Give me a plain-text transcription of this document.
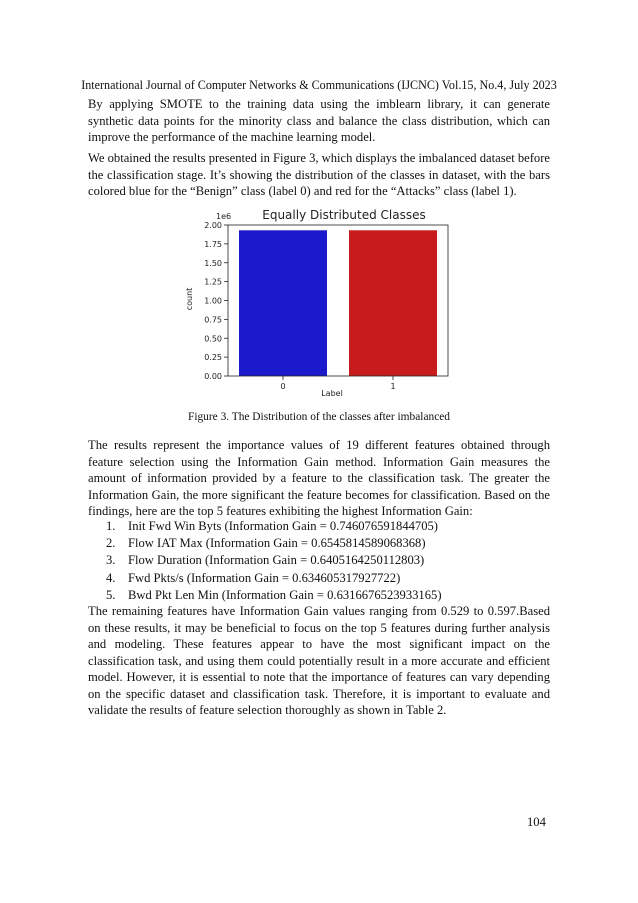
International Journal of Computer Networks & Communications (IJCNC) Vol.15, No.4, July 2023

By applying SMOTE to the training data using the imblearn library, it can generate synthetic data points for the minority class and balance the class distribution, which can improve the performance of the machine learning model.

We obtained the results presented in Figure 3, which displays the imbalanced dataset before the classification stage. It’s showing the distribution of the classes in dataset, with the bars colored blue for the “Benign” class (label 0) and red for the “Attacks” class (label 1).

Equally Distributed Classes
1e6
count
Label
0	1
0.00
0.25
0.50
0.75
1.00
1.25
1.50
1.75
2.00
Figure 3. The Distribution of the classes after imbalanced

The results represent the importance values of 19 different features obtained through feature selection using the Information Gain method. Information Gain measures the amount of information provided by a feature to the classification task. The greater the Information Gain, the more significant the feature becomes for classification. Based on the findings, here are the top 5 features exhibiting the highest Information Gain:

1. Init Fwd Win Byts (Information Gain = 0.746076591844705)
2. Flow IAT Max (Information Gain = 0.6545814589068368)
3. Flow Duration (Information Gain = 0.6405164250112803)
4. Fwd Pkts/s (Information Gain = 0.634605317927722)
5. Bwd Pkt Len Min (Information Gain = 0.6316676523933165)

The remaining features have Information Gain values ranging from 0.529 to 0.597.Based on these results, it may be beneficial to focus on the top 5 features during further analysis and modeling. These features appear to have the most significant impact on the classification task, and using them could potentially result in a more accurate and efficient model. However, it is essential to note that the importance of features can vary depending on the specific dataset and classification task. Therefore, it is important to evaluate and validate the results of feature selection thoroughly as shown in Table 2.

104
